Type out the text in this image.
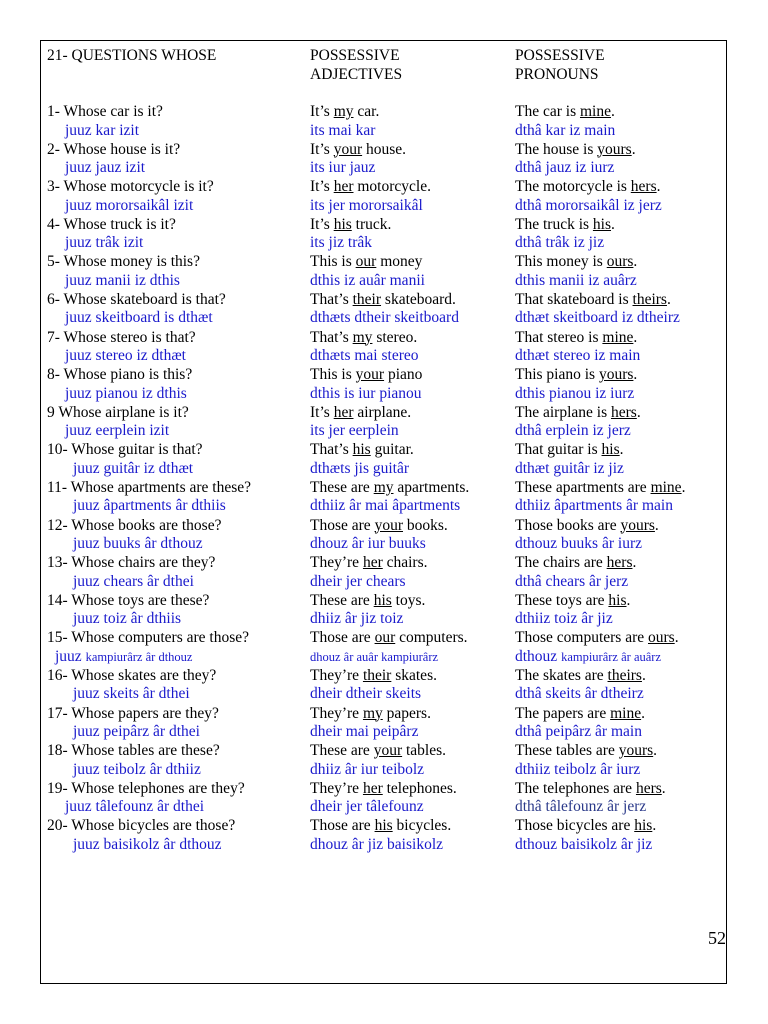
21- QUESTIONS WHOSE	POSSESSIVE
ADJECTIVES
POSSESSIVE
PRONOUNS
1- Whose car is it?
juuz kar izit
2- Whose house is it?
juuz jauz izit
3- Whose motorcycle is it?
juuz mororsaikâl izit
4- Whose truck is it?
juuz trâk izit
5- Whose money is this?
juuz manii iz dthis
6- Whose skateboard is that?
juuz skeitboard is dthæt
7- Whose stereo is that?
juuz stereo iz dthæt
8- Whose piano is this?
juuz pianou iz dthis
9 Whose airplane is it?
juuz eerplein izit
10- Whose guitar is that?
juuz guitâr iz dthæt
11- Whose apartments are these?
juuz âpartments âr dthiis
12- Whose books are those?
juuz buuks âr dthouz
13- Whose chairs are they?
juuz chears âr dthei
14- Whose toys are these?
juuz toiz âr dthiis
15- Whose computers are those?
juuz kampiurârz âr dthouz
16- Whose skates are they?
juuz skeits âr dthei
17- Whose papers are they?
juuz peipârz âr dthei
18- Whose tables are these?
juuz teibolz âr dthiiz
19- Whose telephones are they?
juuz tâlefounz âr dthei
20- Whose bicycles are those?
juuz baisikolz âr dthouz
It’s my car.
its mai kar
It’s your house.
its iur jauz
It’s her motorcycle.
its jer mororsaikâl
It’s his truck.
its jiz trâk
This is our money
dthis iz auâr manii
That’s their skateboard.
dthæts dtheir skeitboard
That’s my stereo.
dthæts mai stereo
This is your piano
dthis is iur pianou
It’s her airplane.
its jer eerplein
That’s his guitar.
dthæts jis guitâr
These are my apartments.
dthiiz âr mai âpartments
Those are your books.
dhouz âr iur buuks
They’re her chairs.
dheir jer chears
These are his toys.
dhiiz âr jiz toiz
Those are our computers.
dhouz âr auâr kampiurârz
They’re their skates.
dheir dtheir skeits
They’re my papers.
dheir mai peipârz
These are your tables.
dhiiz âr iur teibolz
They’re her telephones.
dheir jer tâlefounz
Those are his bicycles.
dhouz âr jiz baisikolz
The car is mine.
dthâ kar iz main
The house is yours.
dthâ jauz iz iurz
The motorcycle is hers.
dthâ mororsaikâl iz jerz
The truck is his.
dthâ trâk iz jiz
This money is ours.
dthis manii iz auârz
That skateboard is theirs.
dthæt skeitboard iz dtheirz
That stereo is mine.
dthæt stereo iz main
This piano is yours.
dthis pianou iz iurz
The airplane is hers.
dthâ erplein iz jerz
That guitar is his.
dthæt guitâr iz jiz
These apartments are mine.
dthiiz âpartments âr main
Those books are yours.
dthouz buuks âr iurz
The chairs are hers.
dthâ chears âr jerz
These toys are his.
dthiiz toiz âr jiz
Those computers are ours.
dthouz kampiurârz âr auârz
The skates are theirs.
dthâ skeits âr dtheirz
The papers are mine.
dthâ peipârz âr main
These tables are yours.
dthiiz teibolz âr iurz
The telephones are hers.
dthâ tâlefounz âr jerz
Those bicycles are his.
dthouz baisikolz âr jiz
52
